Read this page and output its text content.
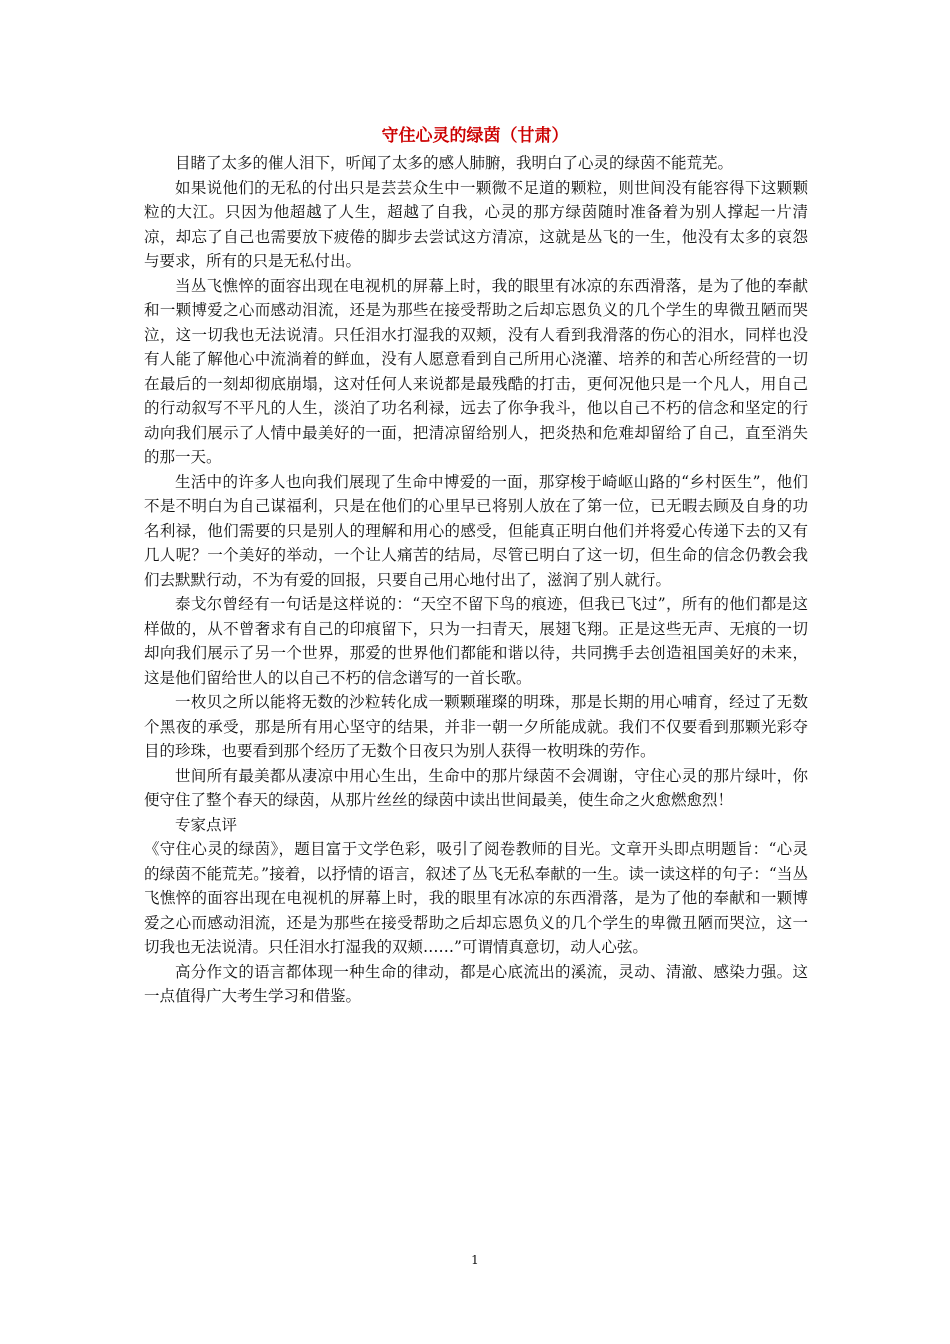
守住心灵的绿茵（甘肃）

目睹了太多的催人泪下，听闻了太多的感人肺腑，我明白了心灵的绿茵不能荒芜。

如果说他们的无私的付出只是芸芸众生中一颗微不足道的颗粒，则世间没有能容得下这颗颗粒的大江。只因为他超越了人生，超越了自我，心灵的那方绿茵随时准备着为别人撑起一片清凉，却忘了自己也需要放下疲倦的脚步去尝试这方清凉，这就是丛飞的一生，他没有太多的哀怨与要求，所有的只是无私付出。

当丛飞憔悴的面容出现在电视机的屏幕上时，我的眼里有冰凉的东西滑落，是为了他的奉献和一颗博爱之心而感动泪流，还是为那些在接受帮助之后却忘恩负义的几个学生的卑微丑陋而哭泣，这一切我也无法说清。只任泪水打湿我的双颊，没有人看到我滑落的伤心的泪水，同样也没有人能了解他心中流淌着的鲜血，没有人愿意看到自己所用心浇灌、培养的和苦心所经营的一切在最后的一刻却彻底崩塌，这对任何人来说都是最残酷的打击，更何况他只是一个凡人，用自己的行动叙写不平凡的人生，淡泊了功名利禄，远去了你争我斗，他以自己不朽的信念和坚定的行动向我们展示了人情中最美好的一面，把清凉留给别人，把炎热和危难却留给了自己，直至消失的那一天。

生活中的许多人也向我们展现了生命中博爱的一面，那穿梭于崎岖山路的“乡村医生”，他们不是不明白为自己谋福利，只是在他们的心里早已将别人放在了第一位，已无暇去顾及自身的功名利禄，他们需要的只是别人的理解和用心的感受，但能真正明白他们并将爱心传递下去的又有几人呢？一个美好的举动，一个让人痛苦的结局，尽管已明白了这一切，但生命的信念仍教会我们去默默行动，不为有爱的回报，只要自己用心地付出了，滋润了别人就行。

泰戈尔曾经有一句话是这样说的：“天空不留下鸟的痕迹，但我已飞过”，所有的他们都是这样做的，从不曾奢求有自己的印痕留下，只为一扫青天，展翅飞翔。正是这些无声、无痕的一切却向我们展示了另一个世界，那爱的世界他们都能和谐以待，共同携手去创造祖国美好的未来，这是他们留给世人的以自己不朽的信念谱写的一首长歌。

一枚贝之所以能将无数的沙粒转化成一颗颗璀璨的明珠，那是长期的用心哺育，经过了无数个黑夜的承受，那是所有用心坚守的结果，并非一朝一夕所能成就。我们不仅要看到那颗光彩夺目的珍珠，也要看到那个经历了无数个日夜只为别人获得一枚明珠的劳作。

世间所有最美都从凄凉中用心生出，生命中的那片绿茵不会凋谢，守住心灵的那片绿叶，你便守住了整个春天的绿茵，从那片丝丝的绿茵中读出世间最美，使生命之火愈燃愈烈！

专家点评

《守住心灵的绿茵》，题目富于文学色彩，吸引了阅卷教师的目光。文章开头即点明题旨：“心灵的绿茵不能荒芜。”接着，以抒情的语言，叙述了丛飞无私奉献的一生。读一读这样的句子：“当丛飞憔悴的面容出现在电视机的屏幕上时，我的眼里有冰凉的东西滑落，是为了他的奉献和一颗博爱之心而感动泪流，还是为那些在接受帮助之后却忘恩负义的几个学生的卑微丑陋而哭泣，这一切我也无法说清。只任泪水打湿我的双颊……”可谓情真意切，动人心弦。

高分作文的语言都体现一种生命的律动，都是心底流出的溪流，灵动、清澈、感染力强。这一点值得广大考生学习和借鉴。

1
